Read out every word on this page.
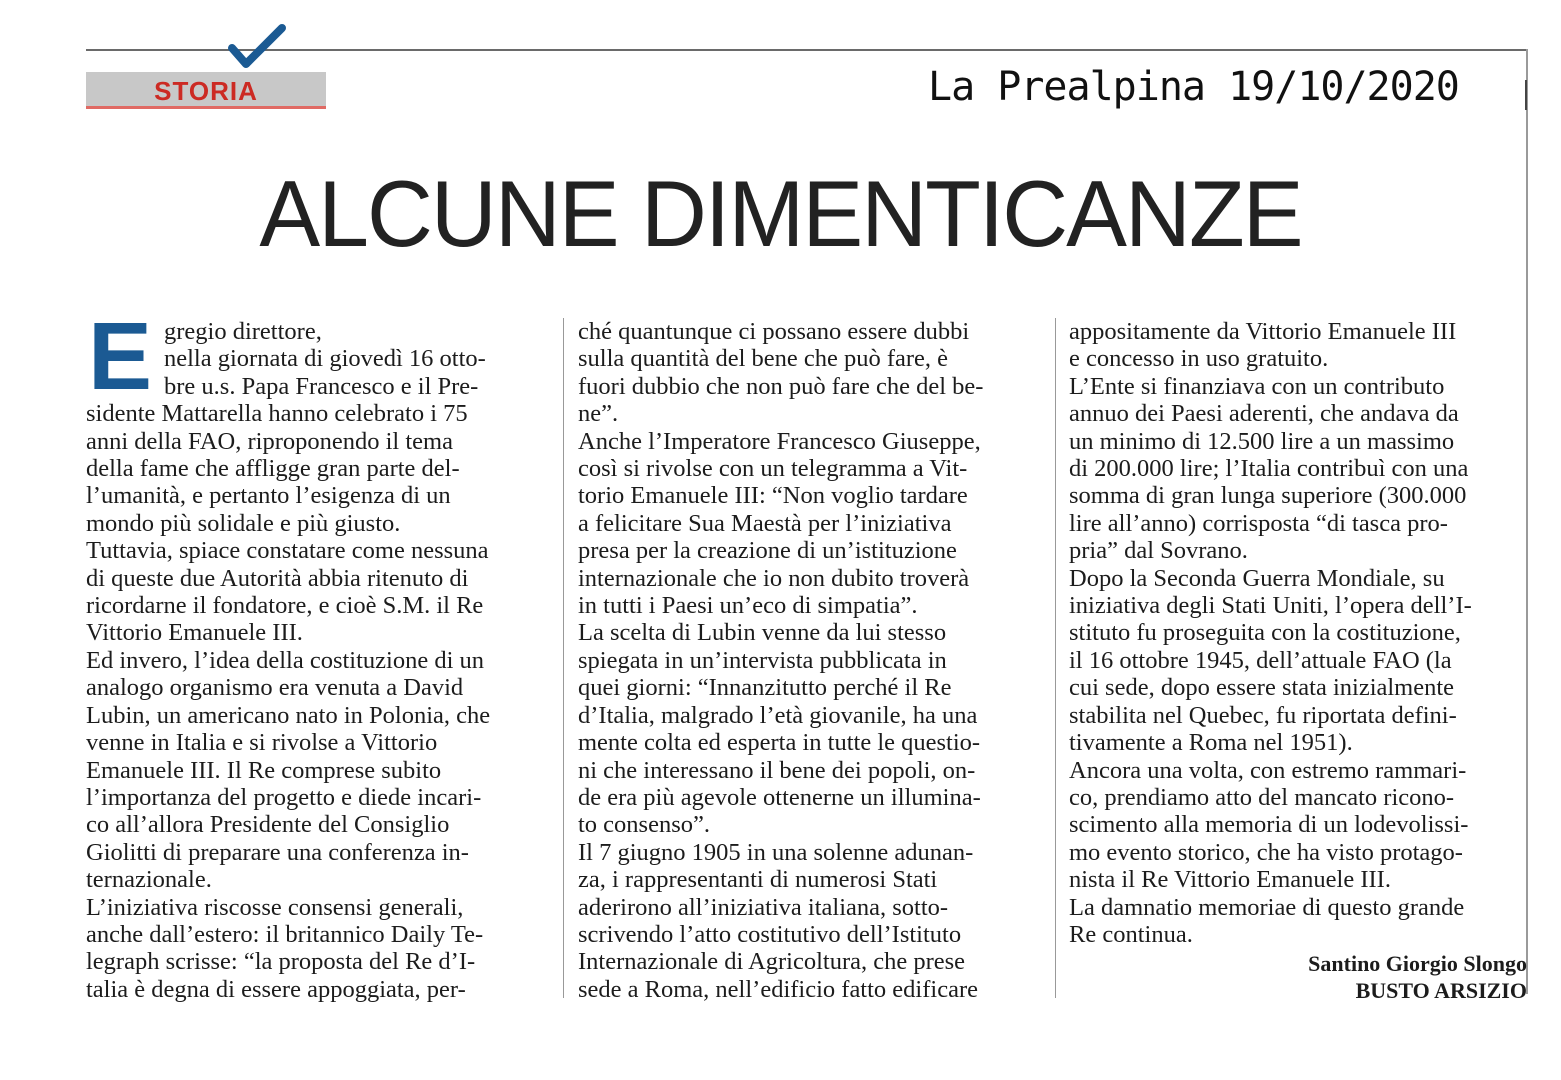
STORIA	La Prealpina 19/10/2020
ALCUNE DIMENTICANZE
E gregio direttore,
nella giornata di giovedì 16 otto-
bre u.s. Papa Francesco e il Pre-
sidente Mattarella hanno celebrato i 75
anni della FAO, riproponendo il tema
della fame che affligge gran parte del-
l’umanità, e pertanto l’esigenza di un
mondo più solidale e più giusto.
Tuttavia, spiace constatare come nessuna
di queste due Autorità abbia ritenuto di
ricordarne il fondatore, e cioè S.M. il Re
Vittorio Emanuele III.
Ed invero, l’idea della costituzione di un
analogo organismo era venuta a David
Lubin, un americano nato in Polonia, che
venne in Italia e si rivolse a Vittorio
Emanuele III. Il Re comprese subito
l’importanza del progetto e diede incari-
co all’allora Presidente del Consiglio
Giolitti di preparare una conferenza in-
ternazionale.
L’iniziativa riscosse consensi generali,
anche dall’estero: il britannico Daily Te-
legraph scrisse: “la proposta del Re d’I-
talia è degna di essere appoggiata, per-
ché quantunque ci possano essere dubbi
sulla quantità del bene che può fare, è
fuori dubbio che non può fare che del be-
ne”.
Anche l’Imperatore Francesco Giuseppe,
così si rivolse con un telegramma a Vit-
torio Emanuele III: “Non voglio tardare
a felicitare Sua Maestà per l’iniziativa
presa per la creazione di un’istituzione
internazionale che io non dubito troverà
in tutti i Paesi un’eco di simpatia”.
La scelta di Lubin venne da lui stesso
spiegata in un’intervista pubblicata in
quei giorni: “Innanzitutto perché il Re
d’Italia, malgrado l’età giovanile, ha una
mente colta ed esperta in tutte le questio-
ni che interessano il bene dei popoli, on-
de era più agevole ottenerne un illumina-
to consenso”.
Il 7 giugno 1905 in una solenne adunan-
za, i rappresentanti di numerosi Stati
aderirono all’iniziativa italiana, sotto-
scrivendo l’atto costitutivo dell’Istituto
Internazionale di Agricoltura, che prese
sede a Roma, nell’edificio fatto edificare
appositamente da Vittorio Emanuele III
e concesso in uso gratuito.
L’Ente si finanziava con un contributo
annuo dei Paesi aderenti, che andava da
un minimo di 12.500 lire a un massimo
di 200.000 lire; l’Italia contribuì con una
somma di gran lunga superiore (300.000
lire all’anno) corrisposta “di tasca pro-
pria” dal Sovrano.
Dopo la Seconda Guerra Mondiale, su
iniziativa degli Stati Uniti, l’opera dell’I-
stituto fu proseguita con la costituzione,
il 16 ottobre 1945, dell’attuale FAO (la
cui sede, dopo essere stata inizialmente
stabilita nel Quebec, fu riportata defini-
tivamente a Roma nel 1951).
Ancora una volta, con estremo rammari-
co, prendiamo atto del mancato ricono-
scimento alla memoria di un lodevolissi-
mo evento storico, che ha visto protago-
nista il Re Vittorio Emanuele III.
La damnatio memoriae di questo grande
Re continua.
Santino Giorgio Slongo
BUSTO ARSIZIO
